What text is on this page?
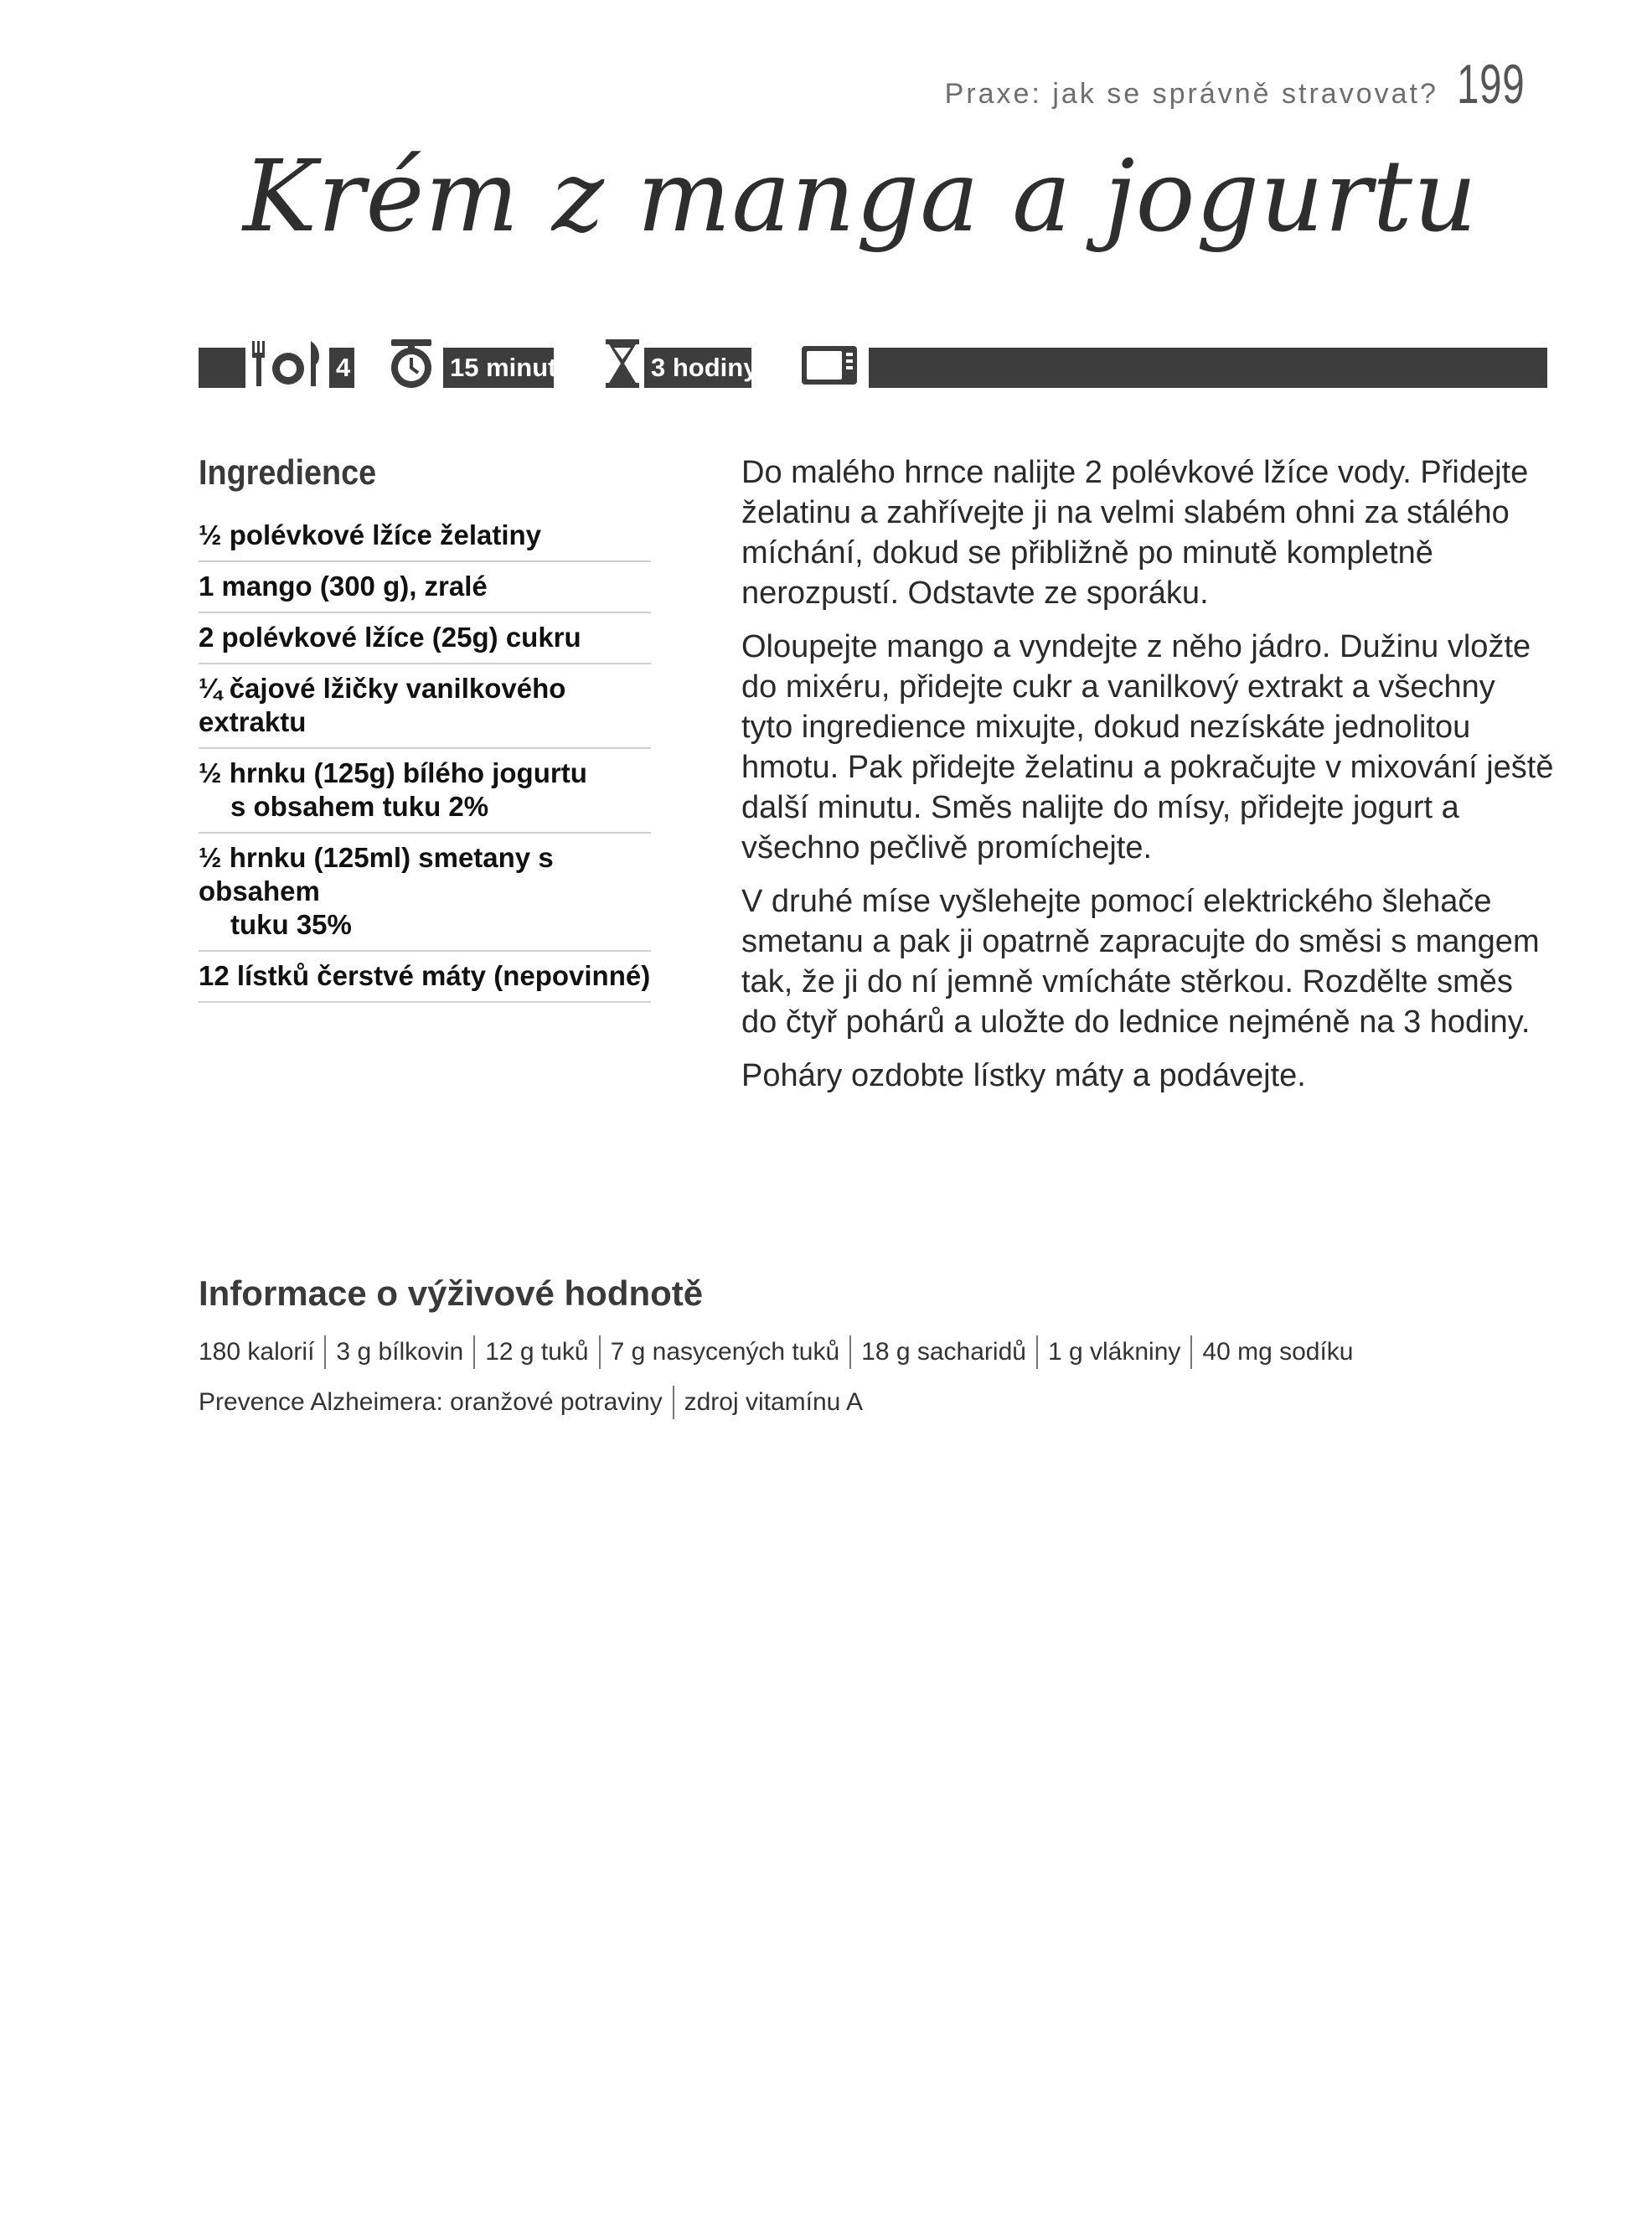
Praxe: jak se správně stravovat? 199
Krém z manga a jogurtu
4	15 minut	3 hodiny
Ingredience
½ polévkové lžíce želatiny
1 mango (300 g), zralé
2 polévkové lžíce (25g) cukru
¼ čajové lžičky vanilkového extraktu
½ hrnku (125g) bílého jogurtu
s obsahem tuku 2%
½ hrnku (125ml) smetany s obsahem
tuku 35%
12 lístků čerstvé máty (nepovinné)

Do malého hrnce nalijte 2 polévkové lžíce vody. Přidejte želatinu a zahřívejte ji na velmi slabém ohni za stálého míchání, dokud se přibližně po minutě kompletně nerozpustí. Odstavte ze sporáku.

Oloupejte mango a vyndejte z něho jádro. Dužinu vložte do mixéru, přidejte cukr a vanilkový extrakt a všechny tyto ingredience mixujte, dokud nezískáte jednolitou hmotu. Pak přidejte želatinu a pokračujte v mixování ještě další minutu. Směs nalijte do mísy, přidejte jogurt a všechno pečlivě promíchejte.

V druhé míse vyšlehejte pomocí elektrického šlehače smetanu a pak ji opatrně zapracujte do směsi s mangem tak, že ji do ní jemně vmícháte stěrkou. Rozdělte směs do čtyř pohárů a uložte do lednice nejméně na 3 hodiny.

Poháry ozdobte lístky máty a podávejte.

Informace o výživové hodnotě
180 kalorií 3 g bílkovin 12 g tuků 7 g nasycených tuků 18 g sacharidů 1 g vlákniny 40 mg sodíku
Prevence Alzheimera: oranžové potraviny zdroj vitamínu A
